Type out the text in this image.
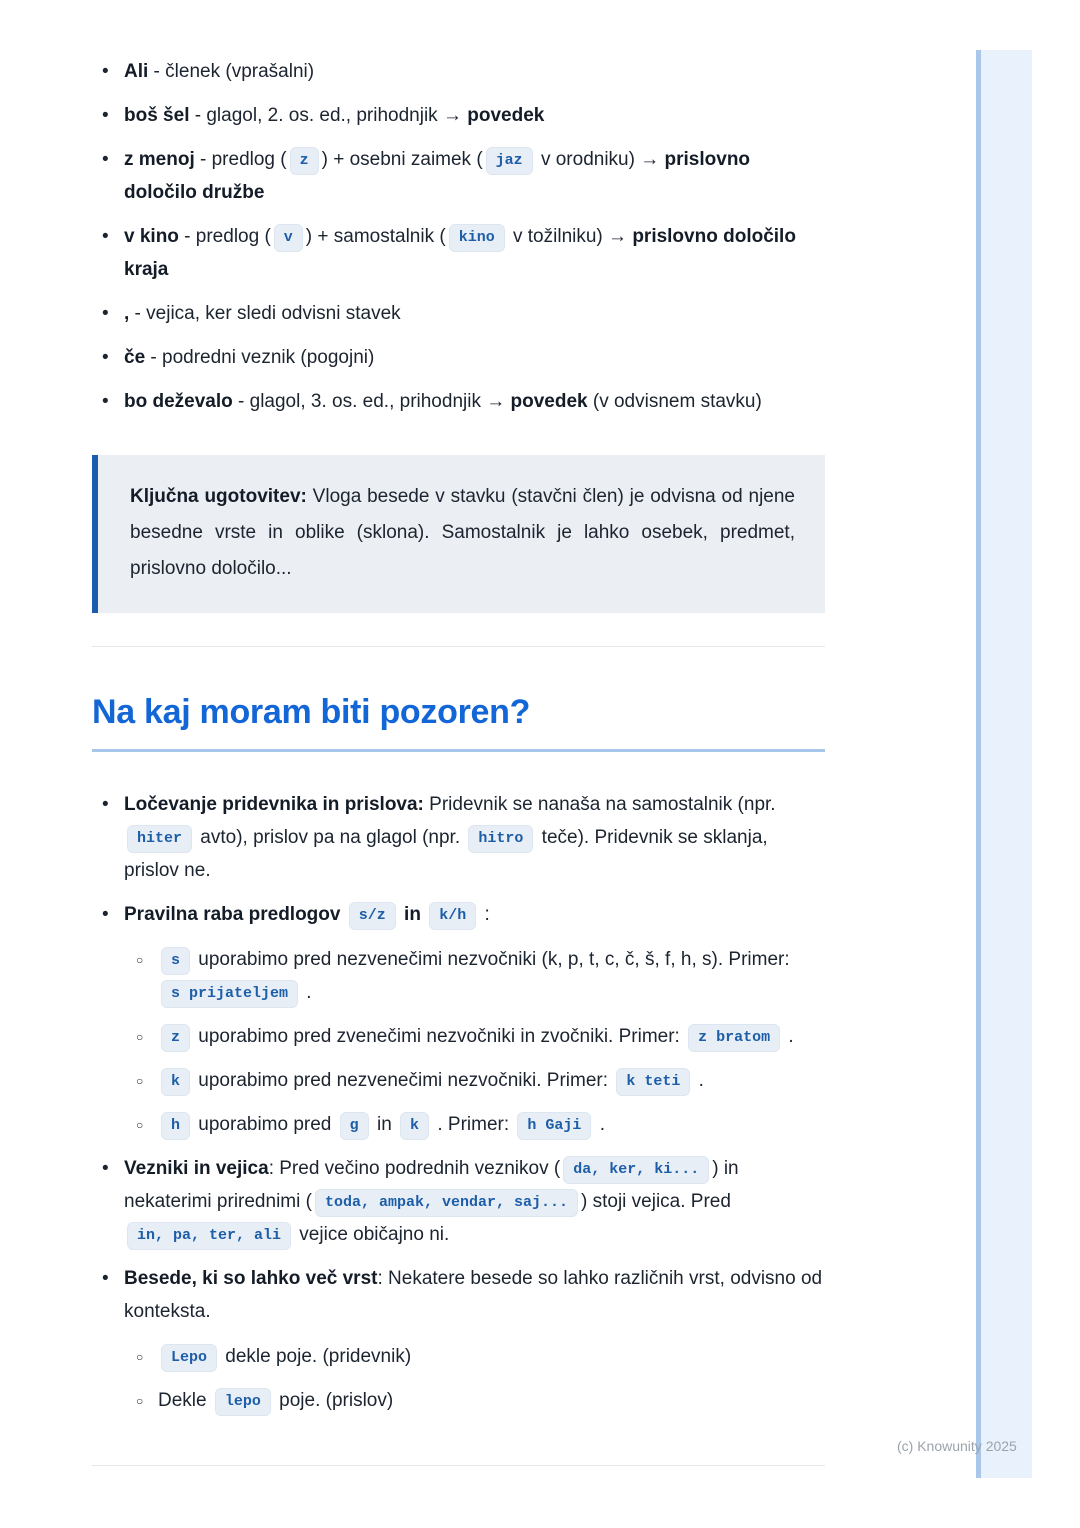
• Ali - členek (vprašalni)
• boš šel - glagol, 2. os. ed., prihodnjik → povedek
• z menoj - predlog ( z ) + osebni zaimek ( jaz v orodniku) → prislovno določilo družbe
• v kino - predlog ( v ) + samostalnik ( kino v tožilniku) → prislovno določilo kraja
• , - vejica, ker sledi odvisni stavek
• če - podredni veznik (pogojni)
• bo deževalo - glagol, 3. os. ed., prihodnjik → povedek (v odvisnem stavku)

Ključna ugotovitev: Vloga besede v stavku (stavčni člen) je odvisna od njene besedne vrste in oblike (sklona). Samostalnik je lahko osebek, predmet, prislovno določilo...

Na kaj moram biti pozoren?
• Ločevanje pridevnika in prislova: Pridevnik se nanaša na samostalnik (npr. hiter avto), prislov pa na glagol (npr. hitro teče). Pridevnik se sklanja, prislov ne.
• Pravilna raba predlogov s/z in k/h :
○ s uporabimo pred nezvenečimi nezvočniki (k, p, t, c, č, š, f, h, s). Primer: s prijateljem .
○ z uporabimo pred zvenečimi nezvočniki in zvočniki. Primer: z bratom .
○ k uporabimo pred nezvenečimi nezvočniki. Primer: k teti .
○ h uporabimo pred g in k . Primer: h Gaji .
• Vezniki in vejica: Pred večino podrednih veznikov ( da, ker, ki... ) in nekaterimi prirednimi ( toda, ampak, vendar, saj... ) stoji vejica. Pred in, pa, ter, ali vejice običajno ni.
• Besede, ki so lahko več vrst: Nekatere besede so lahko različnih vrst, odvisno od konteksta.
○ Lepo dekle poje. (pridevnik)
○ Dekle lepo poje. (prislov)
(c) Knowunity 2025
